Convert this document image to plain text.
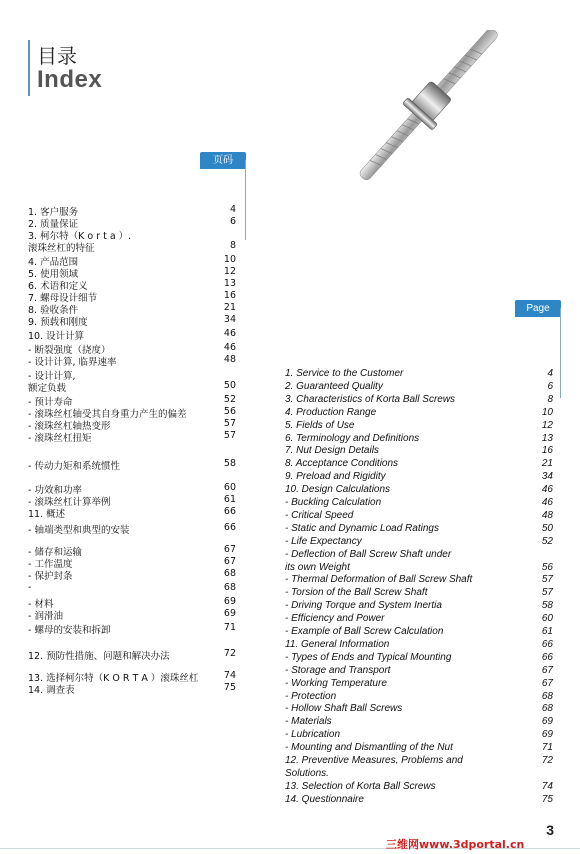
目录
Index
页码
Page
1. 客户服务	4
2. 质量保证	6
3. 柯尔特（K o r t a ）.
滚珠丝杠的特征	8
4. 产品范围	10
5. 使用领域	12
6. 术语和定义	13
7. 螺母设计细节	16
8. 验收条件	21
9. 预载和刚度	34
10. 设计计算	46
- 断裂强度（挠度）	46
- 设计计算, 临界速率	48
- 设计计算,
额定负载	50
- 预计寿命	52
- 滚珠丝杠轴受其自身重力产生的偏差	56
- 滚珠丝杠轴热变形	57
- 滚珠丝杠扭矩	57
- 传动力矩和系统惯性	58
- 功效和功率	60
- 滚珠丝杠计算举例	61
11. 概述	66
- 轴端类型和典型的安装	66
- 储存和运输	67
- 工作温度	67
- 保护封条	68
-	68
- 材料	69
- 润滑油	69
- 螺母的安装和拆卸	71
12. 预防性措施、问题和解决办法	72
13. 选择柯尔特（K O R T A ）滚珠丝杠	74
14. 调查表	75
1. Service to the Customer	4
2. Guaranteed Quality	6
3. Characteristics of Korta Ball Screws	8
4. Production Range	10
5. Fields of Use	12
6. Terminology and Definitions	13
7. Nut Design Details	16
8. Acceptance Conditions	21
9. Preload and Rigidity	34
10. Design Calculations	46
- Buckling Calculation	46
- Critical Speed	48
- Static and Dynamic Load Ratings	50
- Life Expectancy	52
- Deflection of Ball Screw Shaft under
its own Weight	56
- Thermal Deformation of Ball Screw Shaft	57
- Torsion of the Ball Screw Shaft	57
- Driving Torque and System Inertia	58
- Efficiency and Power	60
- Example of Ball Screw Calculation	61
11. General Information	66
- Types of Ends and Typical Mounting	66
- Storage and Transport	67
- Working Temperature	67
- Protection	68
- Hollow Shaft Ball Screws	68
- Materials	69
- Lubrication	69
- Mounting and Dismantling of the Nut	71
12. Preventive Measures, Problems and	72
Solutions.
13. Selection of Korta Ball Screws	74
14. Questionnaire	75
3
三维网www.3dportal.cn
